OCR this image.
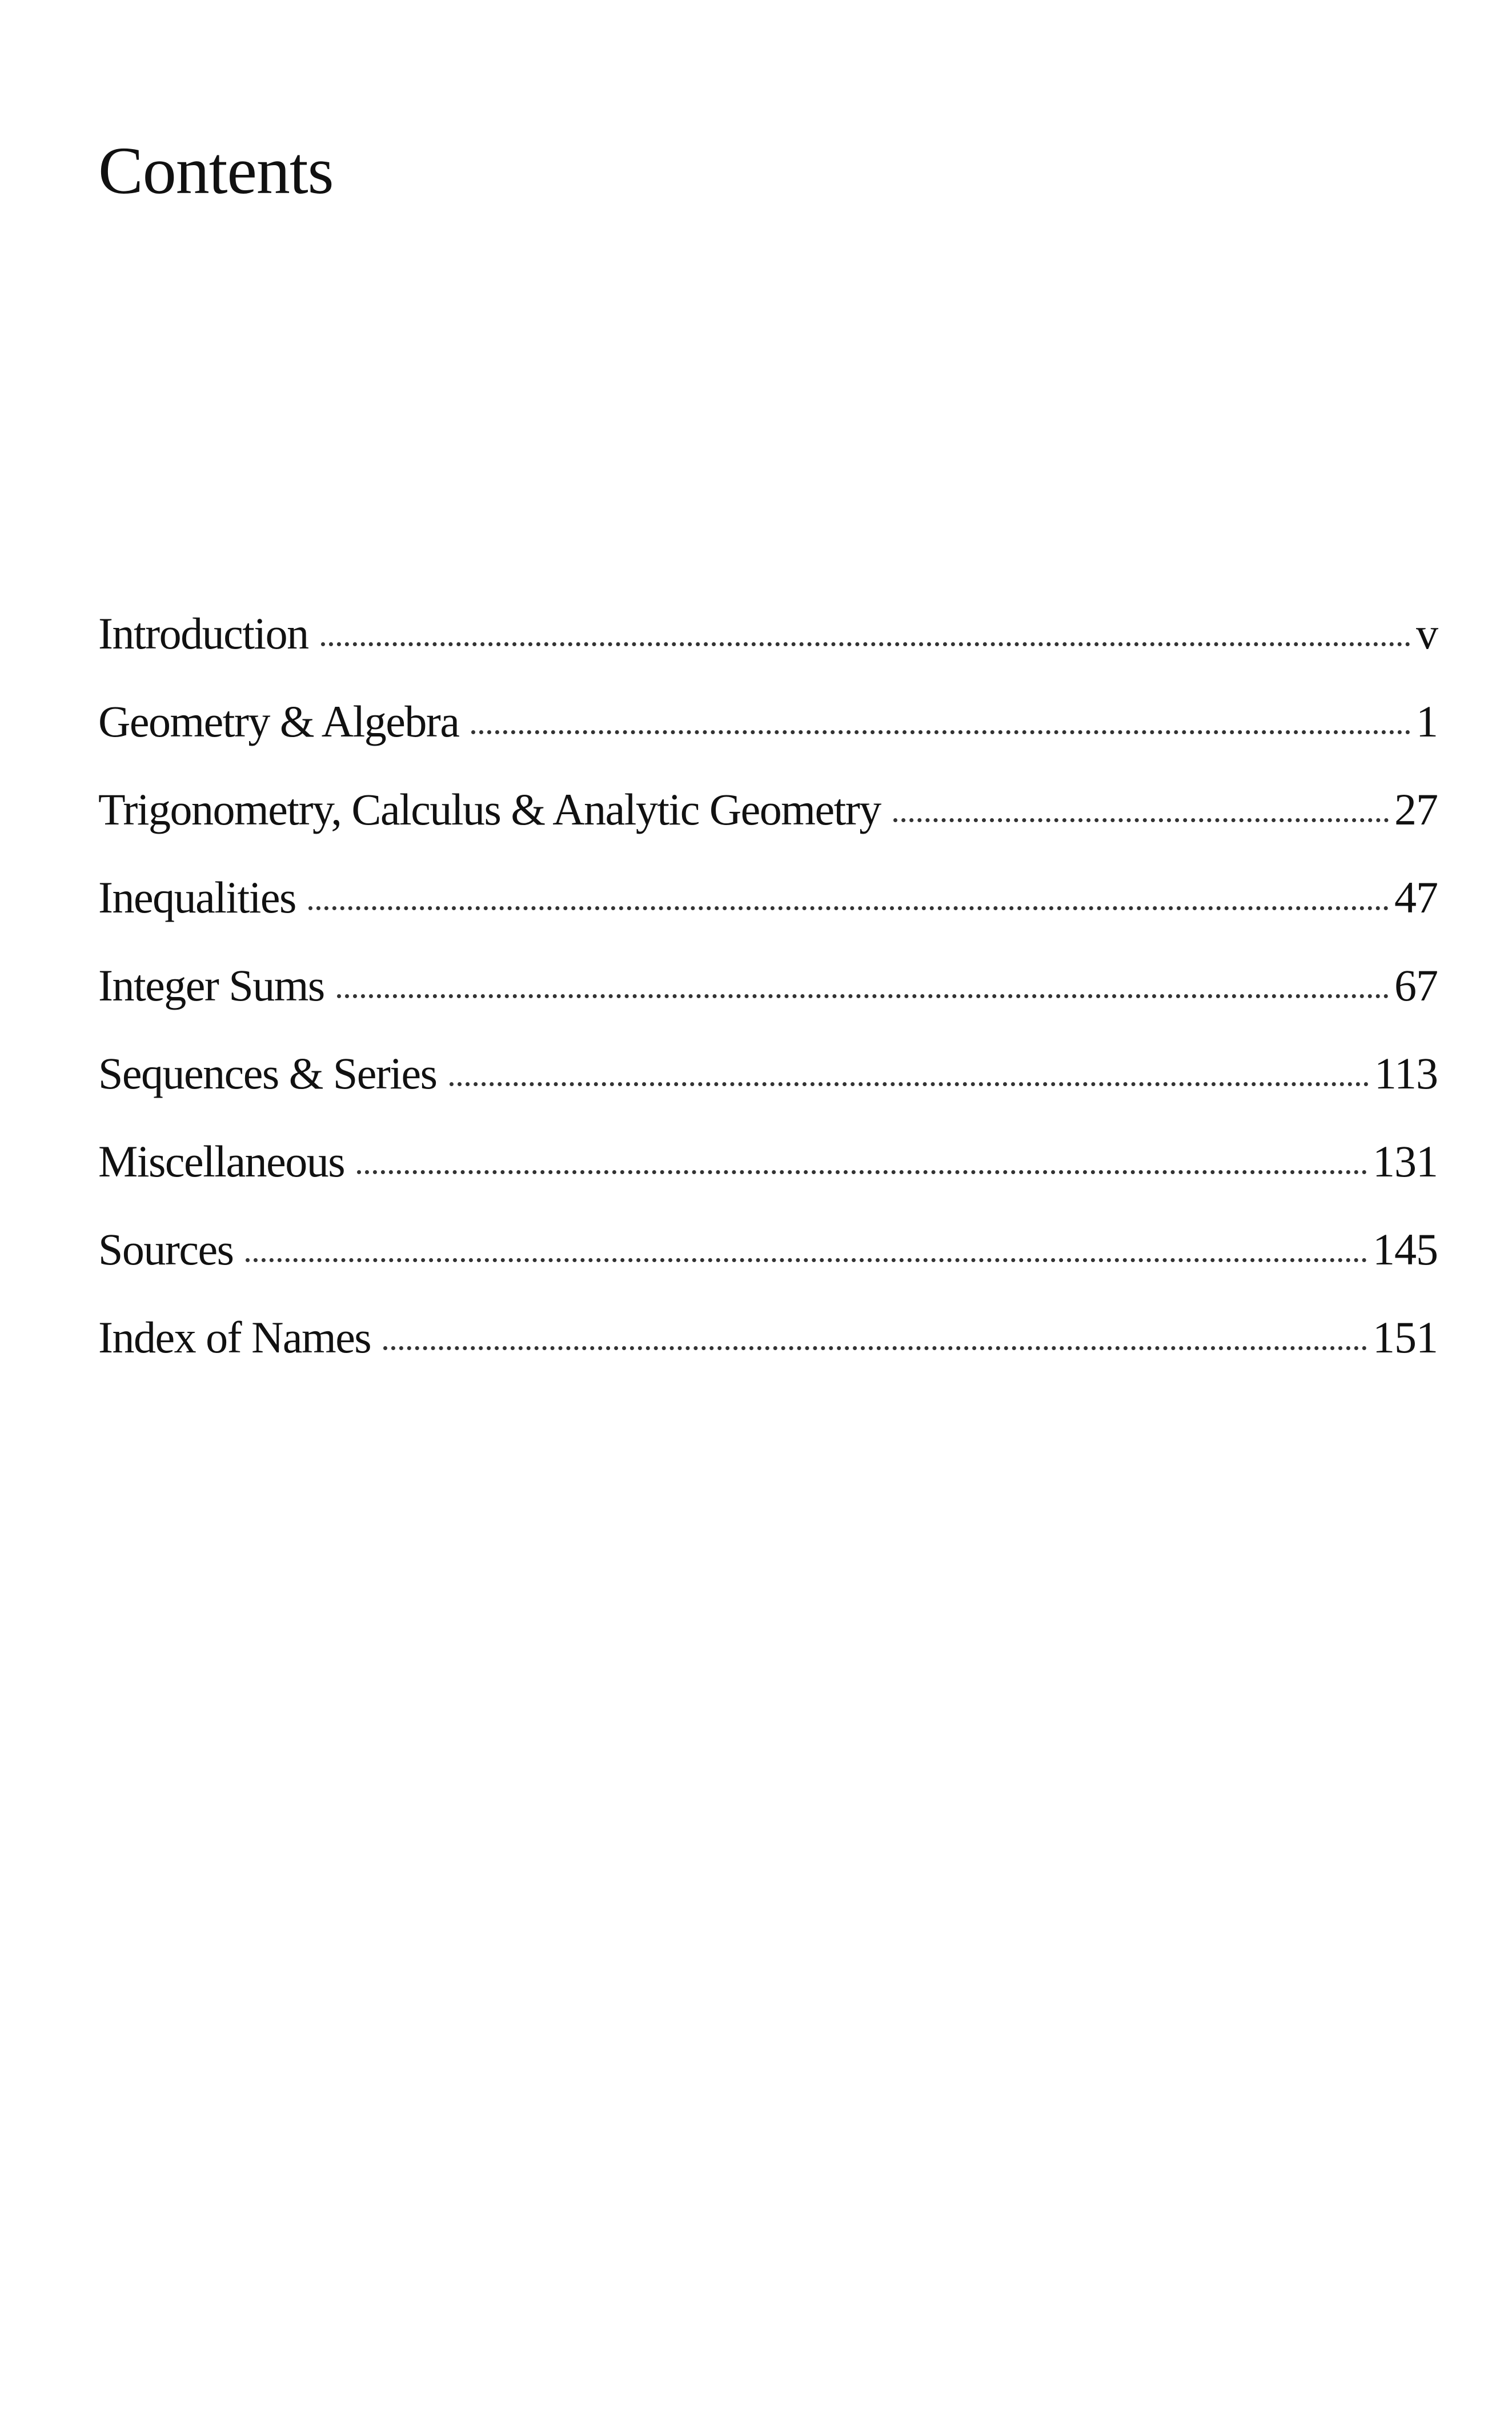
Contents
Introduction	v
Geometry & Algebra	1
Trigonometry, Calculus & Analytic Geometry	27
Inequalities	47
Integer Sums	67
Sequences & Series	113
Miscellaneous	131
Sources	145
Index of Names	151
